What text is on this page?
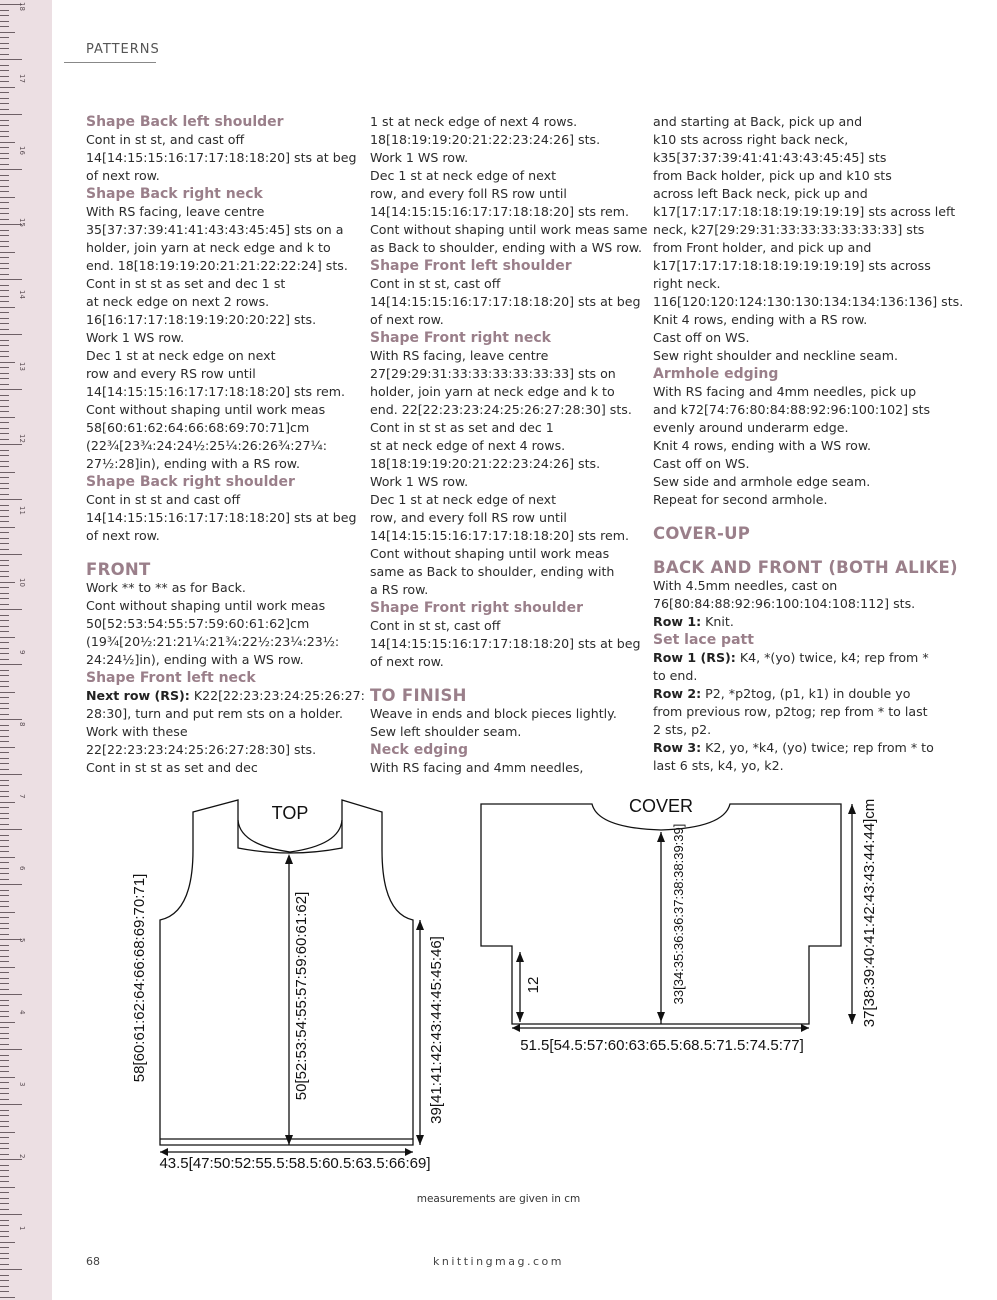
18
17
16
15
14
13
12
11
10
9
8
7
6
5
4
3
2
1
PATTERNS

Shape Back left shoulder

Cont in st st, and cast off

14[14:15:15:16:17:17:18:18:20] sts at beg

of next row.

Shape Back right neck

With RS facing, leave centre

35[37:37:39:41:41:43:43:45:45] sts on a

holder, join yarn at neck edge and k to

end. 18[18:19:19:20:21:21:22:22:24] sts.

Cont in st st as set and dec 1 st

at neck edge on next 2 rows.

16[16:17:17:18:19:19:20:20:22] sts.

Work 1 WS row.

Dec 1 st at neck edge on next

row and every RS row until

14[14:15:15:16:17:17:18:18:20] sts rem.

Cont without shaping until work meas

58[60:61:62:64:66:68:69:70:71]cm

(22¾[23¾:24:24½:25¼:26:26¾:27¼:

27½:28]in), ending with a RS row.

Shape Back right shoulder

Cont in st st and cast off

14[14:15:15:16:17:17:18:18:20] sts at beg

of next row.

FRONT

Work ** to ** as for Back.

Cont without shaping until work meas

50[52:53:54:55:57:59:60:61:62]cm

(19¾[20½:21:21¼:21¾:22½:23¼:23½:

24:24½]in), ending with a WS row.

Shape Front left neck

Next row (RS): K22[22:23:23:24:25:26:27:

28:30], turn and put rem sts on a holder.

Work with these

22[22:23:23:24:25:26:27:28:30] sts.

Cont in st st as set and dec

1 st at neck edge of next 4 rows.

18[18:19:19:20:21:22:23:24:26] sts.

Work 1 WS row.

Dec 1 st at neck edge of next

row, and every foll RS row until

14[14:15:15:16:17:17:18:18:20] sts rem.

Cont without shaping until work meas same

as Back to shoulder, ending with a WS row.

Shape Front left shoulder

Cont in st st, cast off

14[14:15:15:16:17:17:18:18:20] sts at beg

of next row.

Shape Front right neck

With RS facing, leave centre

27[29:29:31:33:33:33:33:33:33] sts on

holder, join yarn at neck edge and k to

end. 22[22:23:23:24:25:26:27:28:30] sts.

Cont in st st as set and dec 1

st at neck edge of next 4 rows.

18[18:19:19:20:21:22:23:24:26] sts.

Work 1 WS row.

Dec 1 st at neck edge of next

row, and every foll RS row until

14[14:15:15:16:17:17:18:18:20] sts rem.

Cont without shaping until work meas

same as Back to shoulder, ending with

a RS row.

Shape Front right shoulder

Cont in st st, cast off

14[14:15:15:16:17:17:18:18:20] sts at beg

of next row.

TO FINISH

Weave in ends and block pieces lightly.

Sew left shoulder seam.

Neck edging

With RS facing and 4mm needles,

and starting at Back, pick up and

k10 sts across right back neck,

k35[37:37:39:41:41:43:43:45:45] sts

from Back holder, pick up and k10 sts

across left Back neck, pick up and

k17[17:17:17:18:18:19:19:19:19] sts across left

neck, k27[29:29:31:33:33:33:33:33:33] sts

from Front holder, and pick up and

k17[17:17:17:18:18:19:19:19:19] sts across

right neck.

116[120:120:124:130:130:134:134:136:136] sts.

Knit 4 rows, ending with a RS row.

Cast off on WS.

Sew right shoulder and neckline seam.

Armhole edging

With RS facing and 4mm needles, pick up

and k72[74:76:80:84:88:92:96:100:102] sts

evenly around underarm edge.

Knit 4 rows, ending with a WS row.

Cast off on WS.

Sew side and armhole edge seam.

Repeat for second armhole.

COVER-UP

BACK AND FRONT (BOTH ALIKE)

With 4.5mm needles, cast on

76[80:84:88:92:96:100:104:108:112] sts.

Row 1: Knit.

Set lace patt

Row 1 (RS): K4, *(yo) twice, k4; rep from *

to end.

Row 2: P2, *p2tog, (p1, k1) in double yo

from previous row, p2tog; rep from * to last

2 sts, p2.

Row 3: K2, yo, *k4, (yo) twice; rep from * to

last 6 sts, k4, yo, k2.

TOP
58[60:61:62:64:66:68:69:70:71]	50[52:53:54:55:57:59:60:61:62]	39[41:41:42:43:44:45:45:46]
43.5[47:50:52:55.5:58.5:60.5:63.5:66:69]
COVER
33[34:35:36:36:37:38:38:39:39]
12	37[38:39:40:41:42:43:43:44:44]cm
51.5[54.5:57:60:63:65.5:68.5:71.5:74.5:77]
measurements are given in cm
68	knittingmag.com
